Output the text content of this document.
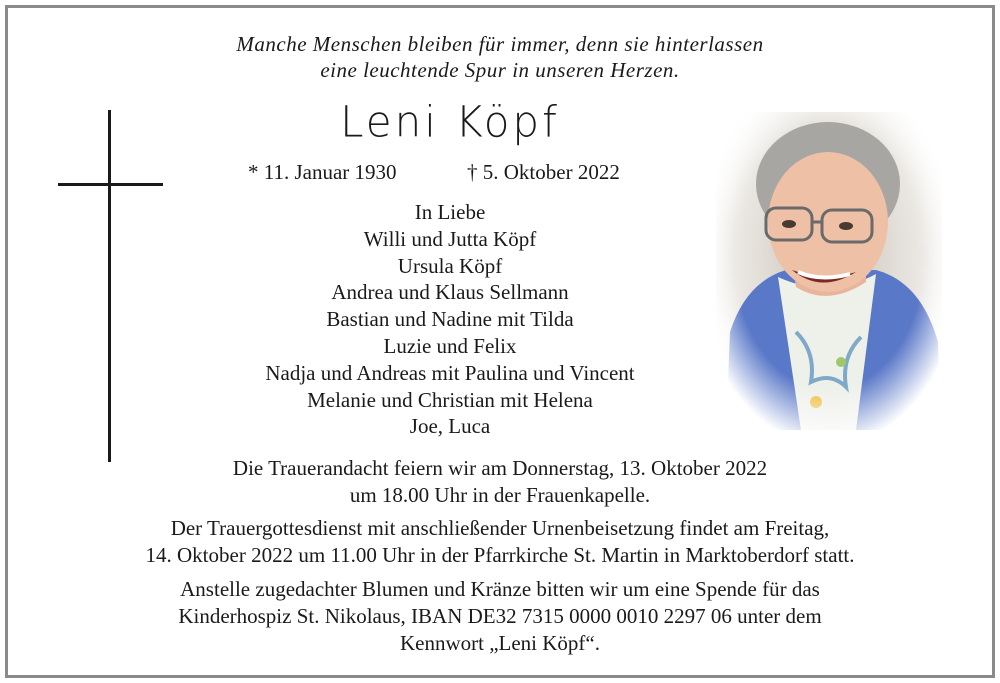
Manche Menschen bleiben für immer, denn sie hinterlassen
eine leuchtende Spur in unseren Herzen.
Leni Köpf
* 11. Januar 1930	† 5. Oktober 2022
In Liebe
Willi und Jutta Köpf
Ursula Köpf
Andrea und Klaus Sellmann
Bastian und Nadine mit Tilda
Luzie und Felix
Nadja und Andreas mit Paulina und Vincent
Melanie und Christian mit Helena
Joe, Luca
Die Trauerandacht feiern wir am Donnerstag, 13. Oktober 2022
um 18.00 Uhr in der Frauenkapelle.
Der Trauergottesdienst mit anschließender Urnenbeisetzung findet am Freitag,
14. Oktober 2022 um 11.00 Uhr in der Pfarrkirche St. Martin in Marktoberdorf statt.
Anstelle zugedachter Blumen und Kränze bitten wir um eine Spende für das
Kinderhospiz St. Nikolaus, IBAN DE32 7315 0000 0010 2297 06 unter dem
Kennwort „Leni Köpf“.
